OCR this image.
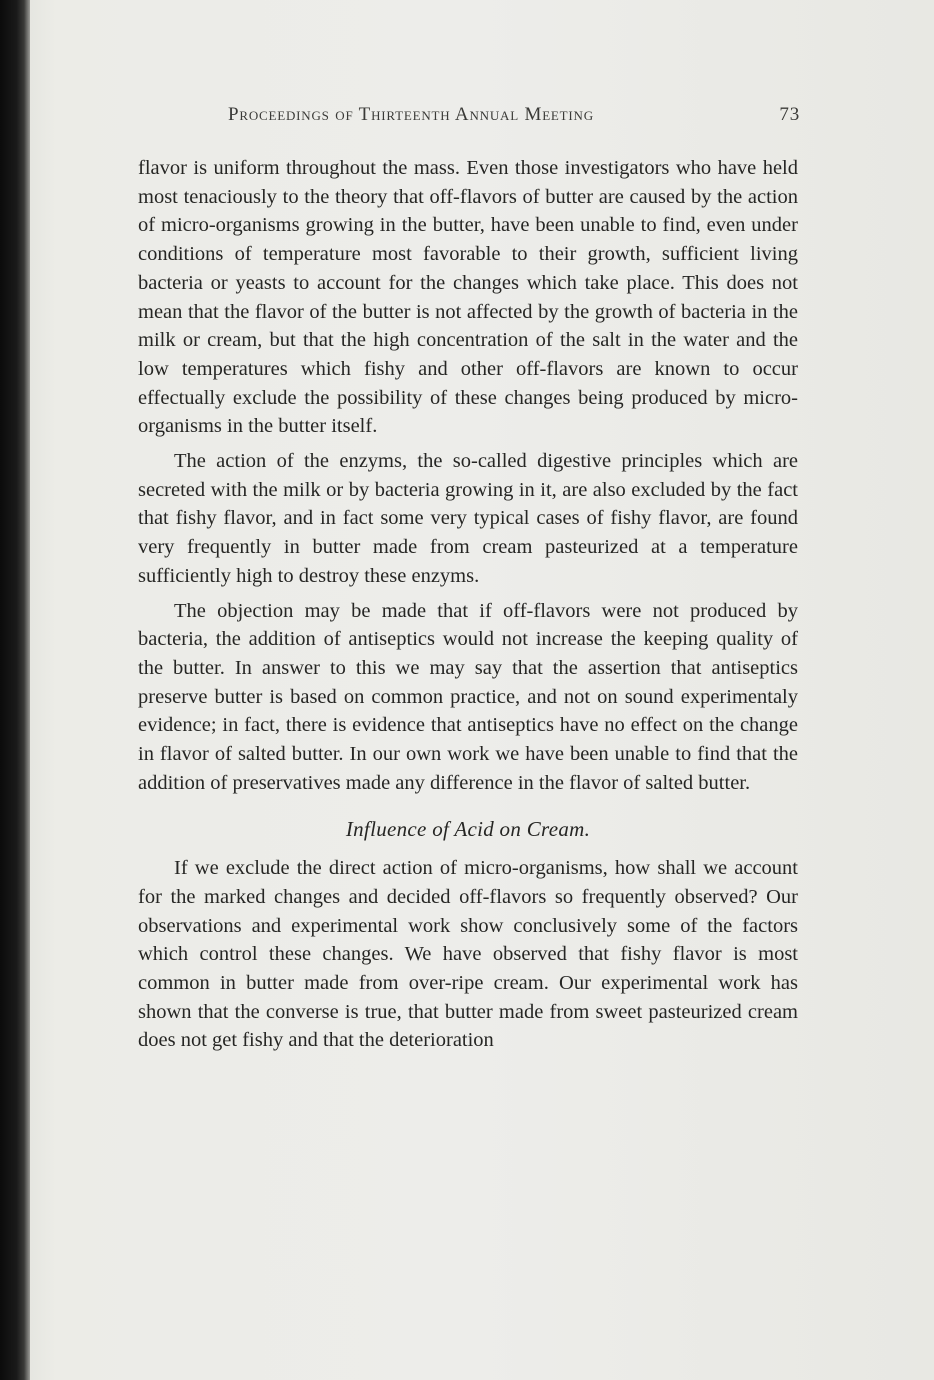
Proceedings of Thirteenth Annual Meeting	73

flavor is uniform throughout the mass. Even those investigators who have held most tenaciously to the theory that off-flavors of butter are caused by the action of micro-organisms growing in the butter, have been unable to find, even under conditions of temperature most favorable to their growth, sufficient living bacteria or yeasts to account for the changes which take place. This does not mean that the flavor of the butter is not affected by the growth of bacteria in the milk or cream, but that the high concentration of the salt in the water and the low temperatures which fishy and other off-flavors are known to occur effectually exclude the possibility of these changes being produced by micro-organisms in the butter itself.

The action of the enzyms, the so-called digestive principles which are secreted with the milk or by bacteria growing in it, are also excluded by the fact that fishy flavor, and in fact some very typical cases of fishy flavor, are found very frequently in butter made from cream pasteurized at a temperature sufficiently high to destroy these enzyms.

The objection may be made that if off-flavors were not produced by bacteria, the addition of antiseptics would not increase the keeping quality of the butter. In answer to this we may say that the assertion that antiseptics preserve butter is based on common practice, and not on sound experimentaly evidence; in fact, there is evidence that antiseptics have no effect on the change in flavor of salted butter. In our own work we have been unable to find that the addition of preservatives made any difference in the flavor of salted butter.

Influence of Acid on Cream.

If we exclude the direct action of micro-organisms, how shall we account for the marked changes and decided off-flavors so frequently observed? Our observations and experimental work show conclusively some of the factors which control these changes. We have observed that fishy flavor is most common in butter made from over-ripe cream. Our experimental work has shown that the converse is true, that butter made from sweet pasteurized cream does not get fishy and that the deterioration
